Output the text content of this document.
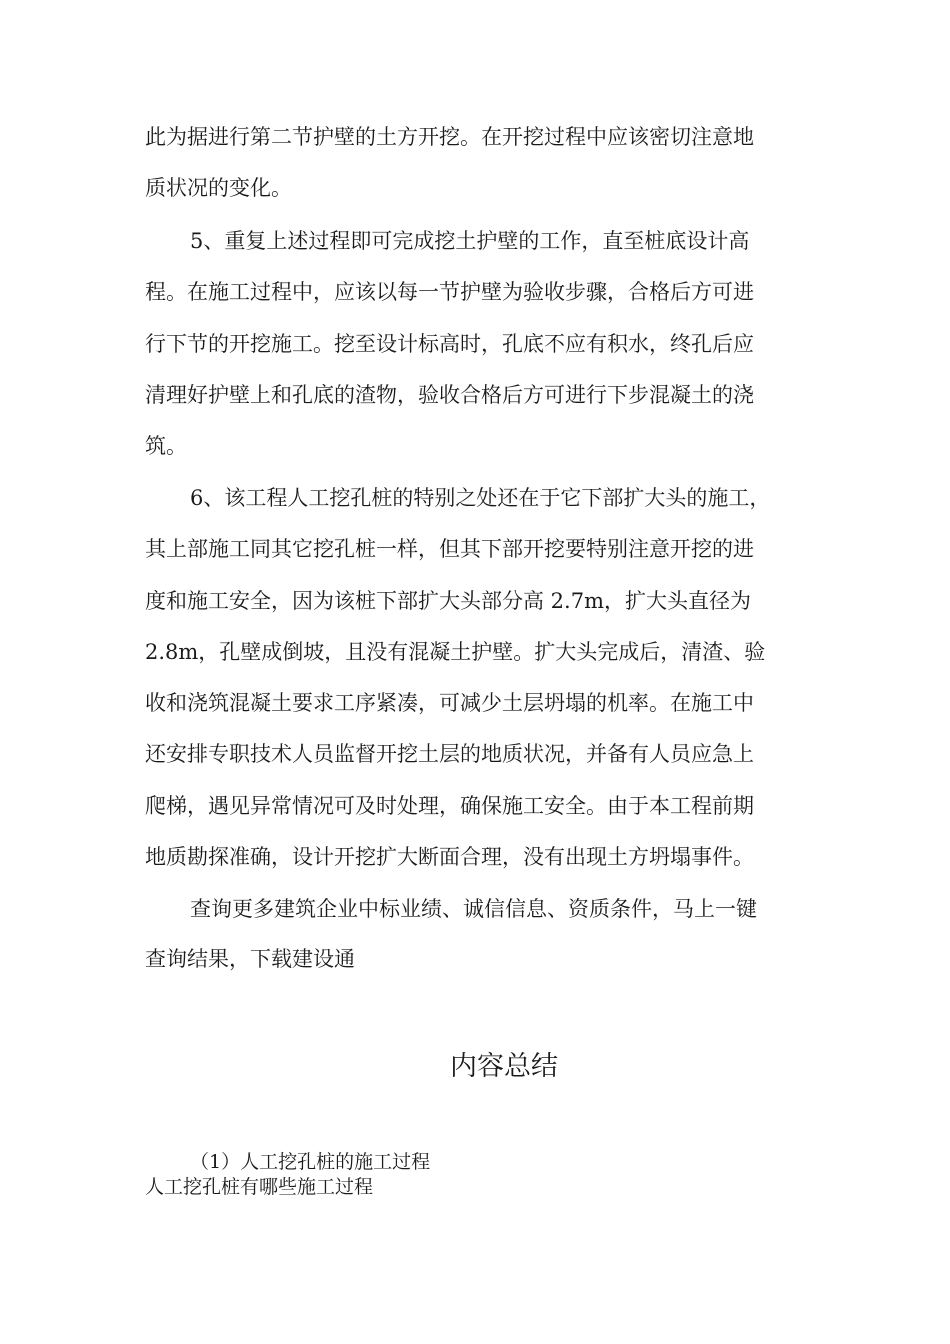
此为据进行第二节护壁的土方开挖。在开挖过程中应该密切注意地
质状况的变化。
5、重复上述过程即可完成挖土护壁的工作，直至桩底设计高
程。在施工过程中，应该以每一节护壁为验收步骤，合格后方可进
行下节的开挖施工。挖至设计标高时，孔底不应有积水，终孔后应
清理好护壁上和孔底的渣物，验收合格后方可进行下步混凝土的浇
筑。
6、该工程人工挖孔桩的特别之处还在于它下部扩大头的施工，
其上部施工同其它挖孔桩一样，但其下部开挖要特别注意开挖的进
度和施工安全，因为该桩下部扩大头部分高 2.7m，扩大头直径为
2.8m，孔壁成倒坡，且没有混凝土护壁。扩大头完成后，清渣、验
收和浇筑混凝土要求工序紧凑，可减少土层坍塌的机率。在施工中
还安排专职技术人员监督开挖土层的地质状况，并备有人员应急上
爬梯，遇见异常情况可及时处理，确保施工安全。由于本工程前期
地质勘探准确，设计开挖扩大断面合理，没有出现土方坍塌事件。
查询更多建筑企业中标业绩、诚信信息、资质条件，马上一键
查询结果，下载建设通
内容总结
（1）人工挖孔桩的施工过程
人工挖孔桩有哪些施工过程
